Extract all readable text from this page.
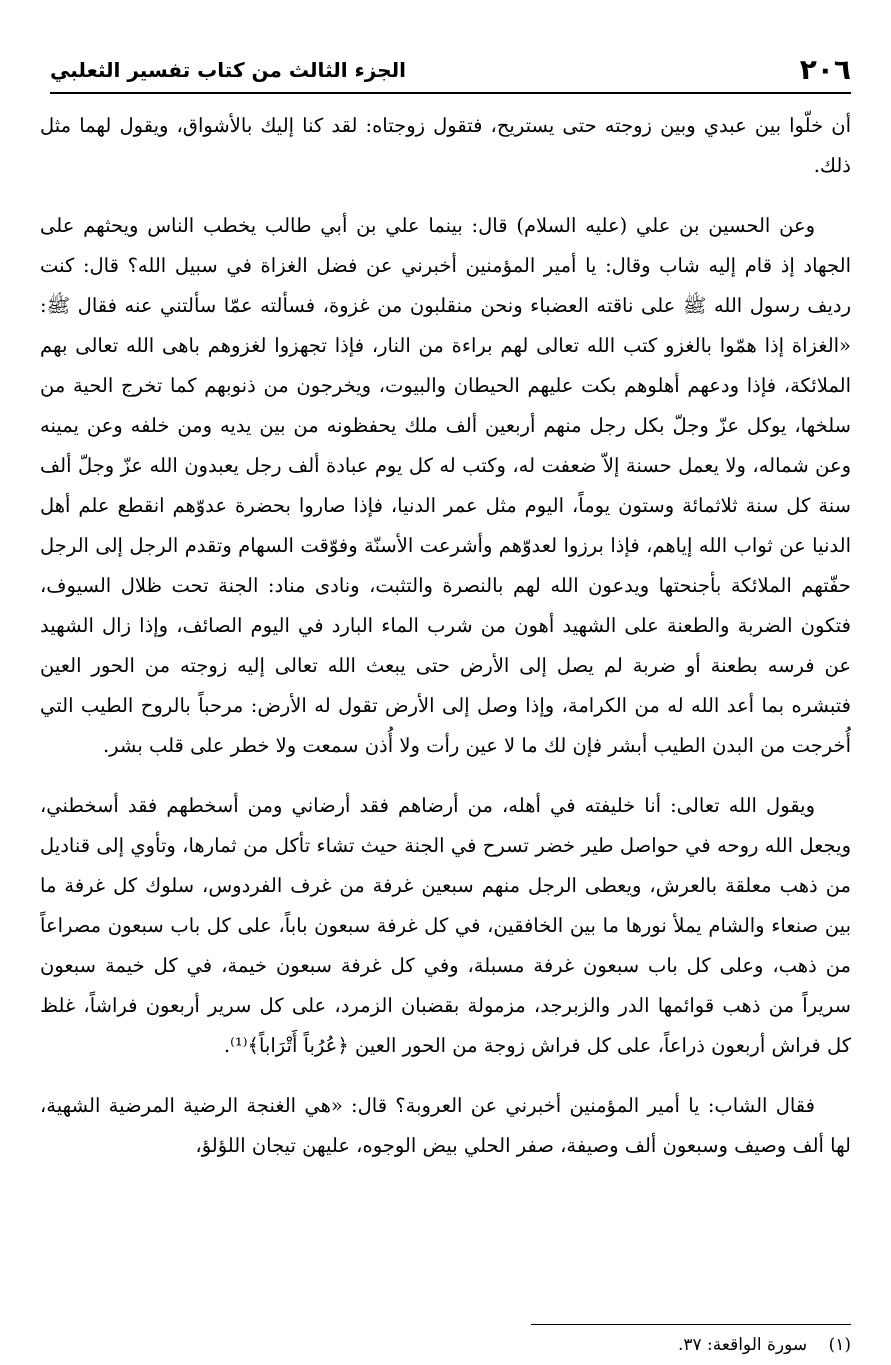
٢٠٦
الجزء الثالث من كتاب تفسير الثعلبي

أن خلّوا بين عبدي وبين زوجته حتى يستريح، فتقول زوجتاه: لقد كنا إليك بالأشواق، ويقول لهما مثل ذلك.

وعن الحسين بن علي (عليه السلام) قال: بينما علي بن أبي طالب يخطب الناس ويحثهم على الجهاد إذ قام إليه شاب وقال: يا أمير المؤمنين أخبرني عن فضل الغزاة في سبيل الله؟ قال: كنت رديف رسول الله ﷺ على ناقته العضباء ونحن منقلبون من غزوة، فسألته عمّا سألتني عنه فقال ﷺ: «الغزاة إذا همّوا بالغزو كتب الله تعالى لهم براءة من النار، فإذا تجهزوا لغزوهم باهى الله تعالى بهم الملائكة، فإذا ودعهم أهلوهم بكت عليهم الحيطان والبيوت، ويخرجون من ذنوبهم كما تخرج الحية من سلخها، يوكل عزّ وجلّ بكل رجل منهم أربعين ألف ملك يحفظونه من بين يديه ومن خلفه وعن يمينه وعن شماله، ولا يعمل حسنة إلاّ ضعفت له، وكتب له كل يوم عبادة ألف رجل يعبدون الله عزّ وجلّ ألف سنة كل سنة ثلاثمائة وستون يوماً، اليوم مثل عمر الدنيا، فإذا صاروا بحضرة عدوّهم انقطع علم أهل الدنيا عن ثواب الله إياهم، فإذا برزوا لعدوّهم وأشرعت الأسنّة وفوّقت السهام وتقدم الرجل إلى الرجل حفّتهم الملائكة بأجنحتها ويدعون الله لهم بالنصرة والتثبت، ونادى مناد: الجنة تحت ظلال السيوف، فتكون الضربة والطعنة على الشهيد أهون من شرب الماء البارد في اليوم الصائف، وإذا زال الشهيد عن فرسه بطعنة أو ضربة لم يصل إلى الأرض حتى يبعث الله تعالى إليه زوجته من الحور العين فتبشره بما أعد الله له من الكرامة، وإذا وصل إلى الأرض تقول له الأرض: مرحباً بالروح الطيب التي أُخرجت من البدن الطيب أبشر فإن لك ما لا عين رأت ولا أُذن سمعت ولا خطر على قلب بشر.

ويقول الله تعالى: أنا خليفته في أهله، من أرضاهم فقد أرضاني ومن أسخطهم فقد أسخطني، ويجعل الله روحه في حواصل طير خضر تسرح في الجنة حيث تشاء تأكل من ثمارها، وتأوي إلى قناديل من ذهب معلقة بالعرش، ويعطى الرجل منهم سبعين غرفة من غرف الفردوس، سلوك كل غرفة ما بين صنعاء والشام يملأ نورها ما بين الخافقين، في كل غرفة سبعون باباً، على كل باب سبعون مصراعاً من ذهب، وعلى كل باب سبعون غرفة مسبلة، وفي كل غرفة سبعون خيمة، في كل خيمة سبعون سريراً من ذهب قوائمها الدر والزبرجد، مزمولة بقضبان الزمرد، على كل سرير أربعون فراشاً، غلظ كل فراش أربعون ذراعاً، على كل فراش زوجة من الحور العين ﴿عُرُباً أَتْرَاباً﴾⁽¹⁾.

فقال الشاب: يا أمير المؤمنين أخبرني عن العروبة؟ قال: «هي الغنجة الرضية المرضية الشهية، لها ألف وصيف وسبعون ألف وصيفة، صفر الحلي بيض الوجوه، عليهن تيجان اللؤلؤ،

(١) سورة الواقعة: ٣٧.
